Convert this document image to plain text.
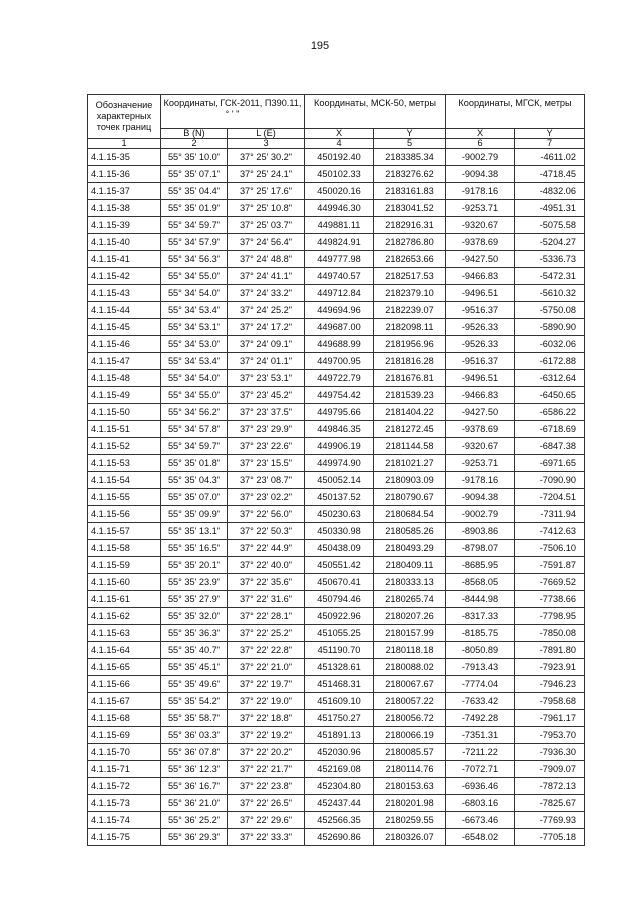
195
Обозначение характерных точек границ	Координаты, ГСК-2011, П390.11, ° ' "		Координаты, МСК-50, метры		Координаты, МГСК, метры	
	B (N)	L (E)	X	Y	X	Y
1	2	3	4	5	6	7
4.1.15-35	55° 35' 10.0"	37° 25' 30.2"	450192.40	2183385.34	-9002.79	-4611.02
4.1.15-36	55° 35' 07.1"	37° 25' 24.1"	450102.33	2183276.62	-9094.38	-4718.45
4.1.15-37	55° 35' 04.4"	37° 25' 17.6"	450020.16	2183161.83	-9178.16	-4832.06
4.1.15-38	55° 35' 01.9"	37° 25' 10.8"	449946.30	2183041.52	-9253.71	-4951.31
4.1.15-39	55° 34' 59.7"	37° 25' 03.7"	449881.11	2182916.31	-9320.67	-5075.58
4.1.15-40	55° 34' 57.9"	37° 24' 56.4"	449824.91	2182786.80	-9378.69	-5204.27
4.1.15-41	55° 34' 56.3"	37° 24' 48.8"	449777.98	2182653.66	-9427.50	-5336.73
4.1.15-42	55° 34' 55.0"	37° 24' 41.1"	449740.57	2182517.53	-9466.83	-5472.31
4.1.15-43	55° 34' 54.0"	37° 24' 33.2"	449712.84	2182379.10	-9496.51	-5610.32
4.1.15-44	55° 34' 53.4"	37° 24' 25.2"	449694.96	2182239.07	-9516.37	-5750.08
4.1.15-45	55° 34' 53.1"	37° 24' 17.2"	449687.00	2182098.11	-9526.33	-5890.90
4.1.15-46	55° 34' 53.0"	37° 24' 09.1"	449688.99	2181956.96	-9526.33	-6032.06
4.1.15-47	55° 34' 53.4"	37° 24' 01.1"	449700.95	2181816.28	-9516.37	-6172.88
4.1.15-48	55° 34' 54.0"	37° 23' 53.1"	449722.79	2181676.81	-9496.51	-6312.64
4.1.15-49	55° 34' 55.0"	37° 23' 45.2"	449754.42	2181539.23	-9466.83	-6450.65
4.1.15-50	55° 34' 56.2"	37° 23' 37.5"	449795.66	2181404.22	-9427.50	-6586.22
4.1.15-51	55° 34' 57.8"	37° 23' 29.9"	449846.35	2181272.45	-9378.69	-6718.69
4.1.15-52	55° 34' 59.7"	37° 23' 22.6"	449906.19	2181144.58	-9320.67	-6847.38
4.1.15-53	55° 35' 01.8"	37° 23' 15.5"	449974.90	2181021.27	-9253.71	-6971.65
4.1.15-54	55° 35' 04.3"	37° 23' 08.7"	450052.14	2180903.09	-9178.16	-7090.90
4.1.15-55	55° 35' 07.0"	37° 23' 02.2"	450137.52	2180790.67	-9094.38	-7204.51
4.1.15-56	55° 35' 09.9"	37° 22' 56.0"	450230.63	2180684.54	-9002.79	-7311.94
4.1.15-57	55° 35' 13.1"	37° 22' 50.3"	450330.98	2180585.26	-8903.86	-7412.63
4.1.15-58	55° 35' 16.5"	37° 22' 44.9"	450438.09	2180493.29	-8798.07	-7506.10
4.1.15-59	55° 35' 20.1"	37° 22' 40.0"	450551.42	2180409.11	-8685.95	-7591.87
4.1.15-60	55° 35' 23.9"	37° 22' 35.6"	450670.41	2180333.13	-8568.05	-7669.52
4.1.15-61	55° 35' 27.9"	37° 22' 31.6"	450794.46	2180265.74	-8444.98	-7738.66
4.1.15-62	55° 35' 32.0"	37° 22' 28.1"	450922.96	2180207.26	-8317.33	-7798.95
4.1.15-63	55° 35' 36.3"	37° 22' 25.2"	451055.25	2180157.99	-8185.75	-7850.08
4.1.15-64	55° 35' 40.7"	37° 22' 22.8"	451190.70	2180118.18	-8050.89	-7891.80
4.1.15-65	55° 35' 45.1"	37° 22' 21.0"	451328.61	2180088.02	-7913.43	-7923.91
4.1.15-66	55° 35' 49.6"	37° 22' 19.7"	451468.31	2180067.67	-7774.04	-7946.23
4.1.15-67	55° 35' 54.2"	37° 22' 19.0"	451609.10	2180057.22	-7633.42	-7958.68
4.1.15-68	55° 35' 58.7"	37° 22' 18.8"	451750.27	2180056.72	-7492.28	-7961.17
4.1.15-69	55° 36' 03.3"	37° 22' 19.2"	451891.13	2180066.19	-7351.31	-7953.70
4.1.15-70	55° 36' 07.8"	37° 22' 20.2"	452030.96	2180085.57	-7211.22	-7936.30
4.1.15-71	55° 36' 12.3"	37° 22' 21.7"	452169.08	2180114.76	-7072.71	-7909.07
4.1.15-72	55° 36' 16.7"	37° 22' 23.8"	452304.80	2180153.63	-6936.46	-7872.13
4.1.15-73	55° 36' 21.0"	37° 22' 26.5"	452437.44	2180201.98	-6803.16	-7825.67
4.1.15-74	55° 36' 25.2"	37° 22' 29.6"	452566.35	2180259.55	-6673.46	-7769.93
4.1.15-75	55° 36' 29.3"	37° 22' 33.3"	452690.86	2180326.07	-6548.02	-7705.18
